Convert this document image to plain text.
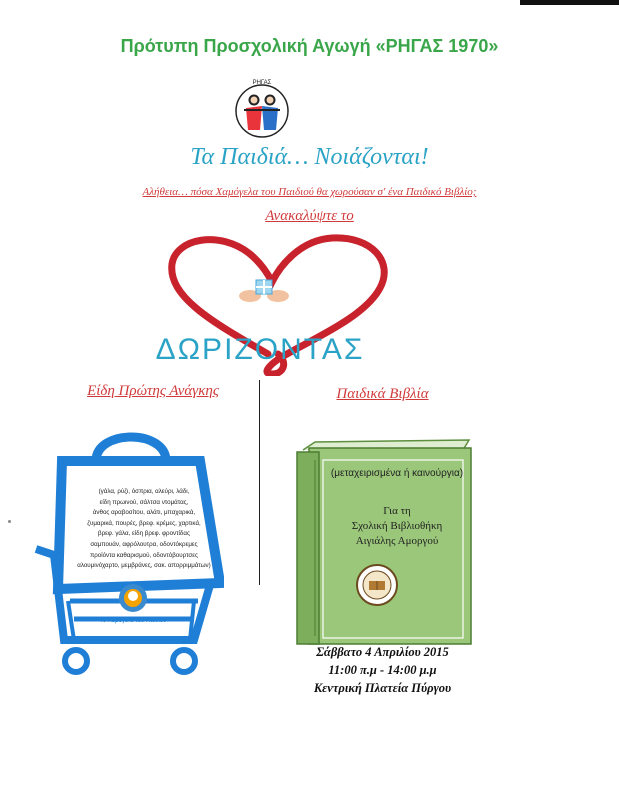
Πρότυπη Προσχολική Αγωγή «ΡΗΓΑΣ 1970»
ΡΗΓΑΣ
Τα Παιδιά… Νοιάζονται!
Αλήθεια… πόσα Χαμόγελα του Παιδιού θα χωρούσαν σ' ένα Παιδικό Βιβλίο;
Ανακαλύψτε το
ΔΩΡΙΖΟΝΤΑΣ
Είδη Πρώτης Ανάγκης	Παιδικά Βιβλία
Το Χαμόγελο του Παιδιού
(γάλα, ρύζι, όσπρια, αλεύρι, λάδι,
είδη πρωινού, σάλτσα ντομάτας,
άνθος αραβοσίτου, αλάτι, μπαχαρικά,
ζυμαρικά, πουρές, βρεφ. κρέμες, χαρτικά,
βρεφ. γάλα, είδη βρεφ. φροντίδας
σαμπουάν, αφρόλουτρα, οδοντόκρεμες
προϊόντα καθαρισμού, οδοντόβουρτσες
αλουμινόχαρτο, μεμβράνες, σακ. απορριμμάτων)
(μεταχειρισμένα ή καινούργια)
Για τη
Σχολική Βιβλιοθήκη
Αιγιάλης Αμοργού
Σάββατο 4 Απριλίου 2015
11:00 π.μ - 14:00 μ.μ
Κεντρική Πλατεία Πύργου
